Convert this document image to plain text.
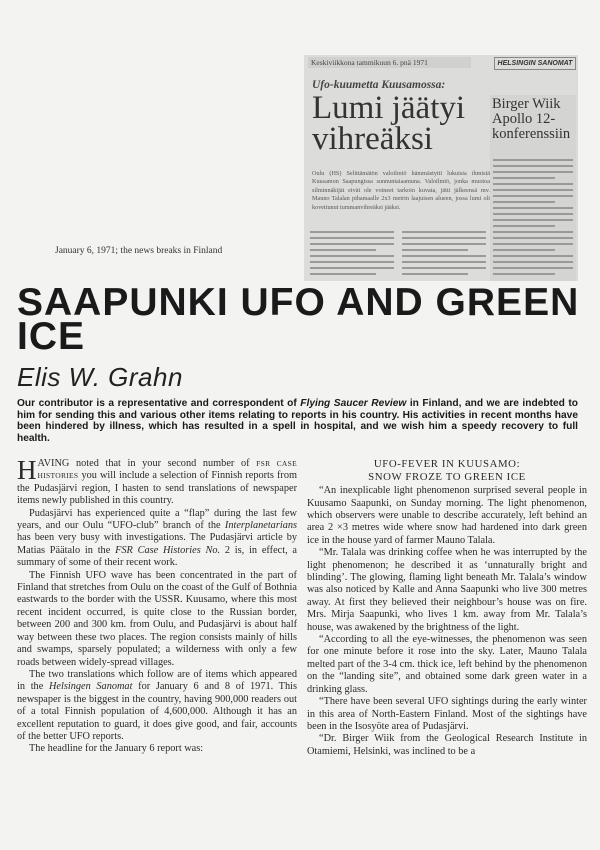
Keskiviikkona tammikuun 6. pnä 1971	HELSINGIN SANOMAT
Ufo-kuumetta Kuusamossa:
Lumi jäätyi
vihreäksi
Oulu (HS) Selittämätön valoilmiö hämmästytti lukuisia ihmisiä Kuusamon Saapungissa sunnuntaiaamuna. Valoilmiö, jonka muotoa silminnäkijät eivät ole voineet tarkoin kuvata, jätti jälkeensä mv. Mauno Talalan pihamaalle 2x3 metrin laajuisen alueen, jossa lumi oli kovettunut tummanvihreäksi jääksi.
Birger Wiik Apollo 12-konferenssiin
January 6, 1971; the news breaks in Finland
SAAPUNKI UFO AND GREEN
ICE
Elis W. Grahn
Our contributor is a representative and correspondent of Flying Saucer Review in Finland, and we are indebted to him for sending this and various other items relating to reports in his country. His activities in recent months have been hindered by illness, which has resulted in a spell in hospital, and we wish him a speedy recovery to full health.

HAVING noted that in your second number of FSR CASE HISTORIES you will include a selection of Finnish reports from the Pudasjärvi region, I hasten to send translations of newspaper items newly published in this country.

Pudasjärvi has experienced quite a “flap” during the last few years, and our Oulu “UFO-club” branch of the Interplanetarians has been very busy with investigations. The Pudasjärvi article by Matias Päätalo in the FSR Case Histories No. 2 is, in effect, a summary of some of their recent work.

The Finnish UFO wave has been concentrated in the part of Finland that stretches from Oulu on the coast of the Gulf of Bothnia eastwards to the border with the USSR. Kuusamo, where this most recent incident occurred, is quite close to the Russian border, between 200 and 300 km. from Oulu, and Pudasjärvi is about half way between these two places. The region consists mainly of hills and swamps, sparsely populated; a wilderness with only a few roads between widely-spread villages.

The two translations which follow are of items which appeared in the Helsingen Sanomat for January 6 and 8 of 1971. This newspaper is the biggest in the country, having 900,000 readers out of a total Finnish population of 4,600,000. Although it has an excellent reputation to guard, it does give good, and fair, accounts of the better UFO reports.

The headline for the January 6 report was:

UFO-FEVER IN KUUSAMO:
SNOW FROZE TO GREEN ICE

“An inexplicable light phenomenon surprised several people in Kuusamo Saapunki, on Sunday morning. The light phenomenon, which observers were unable to describe accurately, left behind an area 2 ×3 metres wide where snow had hardened into dark green ice in the house yard of farmer Mauno Talala.

“Mr. Talala was drinking coffee when he was interrupted by the light phenomenon; he described it as ‘unnaturally bright and blinding’. The glowing, flaming light beneath Mr. Talala’s window was also noticed by Kalle and Anna Saapunki who live 300 metres away. At first they believed their neighbour’s house was on fire. Mrs. Mirja Saapunki, who lives 1 km. away from Mr. Talala’s house, was awakened by the brightness of the light.

“According to all the eye-witnesses, the phenomenon was seen for one minute before it rose into the sky. Later, Mauno Talala melted part of the 3-4 cm. thick ice, left behind by the phenomenon on the “landing site”, and obtained some dark green water in a drinking glass.

“There have been several UFO sightings during the early winter in this area of North-Eastern Finland. Most of the sightings have been in the Isosyöte area of Pudasjärvi.

“Dr. Birger Wiik from the Geological Research Institute in Otamiemi, Helsinki, was inclined to be a
